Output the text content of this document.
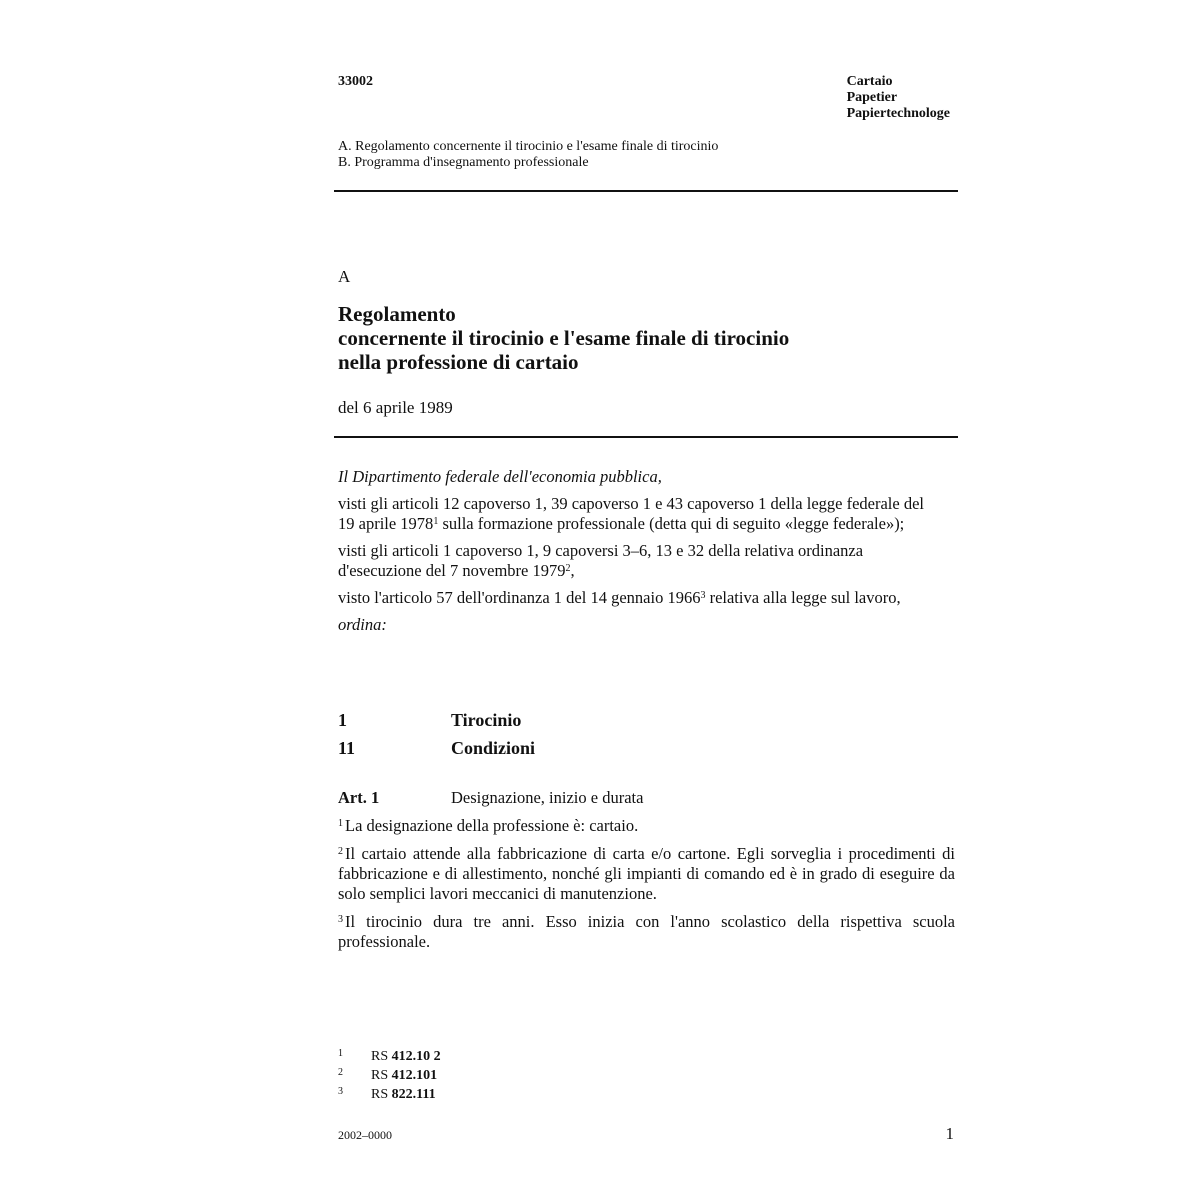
33002	Cartaio
Papetier
Papiertechnologe
A. Regolamento concernente il tirocinio e l'esame finale di tirocinio
B. Programma d'insegnamento professionale
A
Regolamento
concernente il tirocinio e l'esame finale di tirocinio
nella professione di cartaio
del 6 aprile 1989

Il Dipartimento federale dell'economia pubblica,

visti gli articoli 12 capoverso 1, 39 capoverso 1 e 43 capoverso 1 della legge federale del 19 aprile 1978$^1$ sulla formazione professionale (detta qui di seguito «legge federale»);

visti gli articoli 1 capoverso 1, 9 capoversi 3–6, 13 e 32 della relativa ordinanza d'esecuzione del 7 novembre 1979$^2$,

visto l'articolo 57 dell'ordinanza 1 del 14 gennaio 1966$^3$ relativa alla legge sul lavoro,

ordina:

1	Tirocinio
11	Condizioni
Art. 1	Designazione, inizio e durata

$^1$ La designazione della professione è: cartaio.

$^2$ Il cartaio attende alla fabbricazione di carta e/o cartone. Egli sorveglia i procedimenti di fabbricazione e di allestimento, nonché gli impianti di comando ed è in grado di eseguire da solo semplici lavori meccanici di manutenzione.

$^3$ Il tirocinio dura tre anni. Esso inizia con l'anno scolastico della rispettiva scuola professionale.

1 RS 412.10 2
2 RS 412.101
3 RS 822.111
2002–0000	1
